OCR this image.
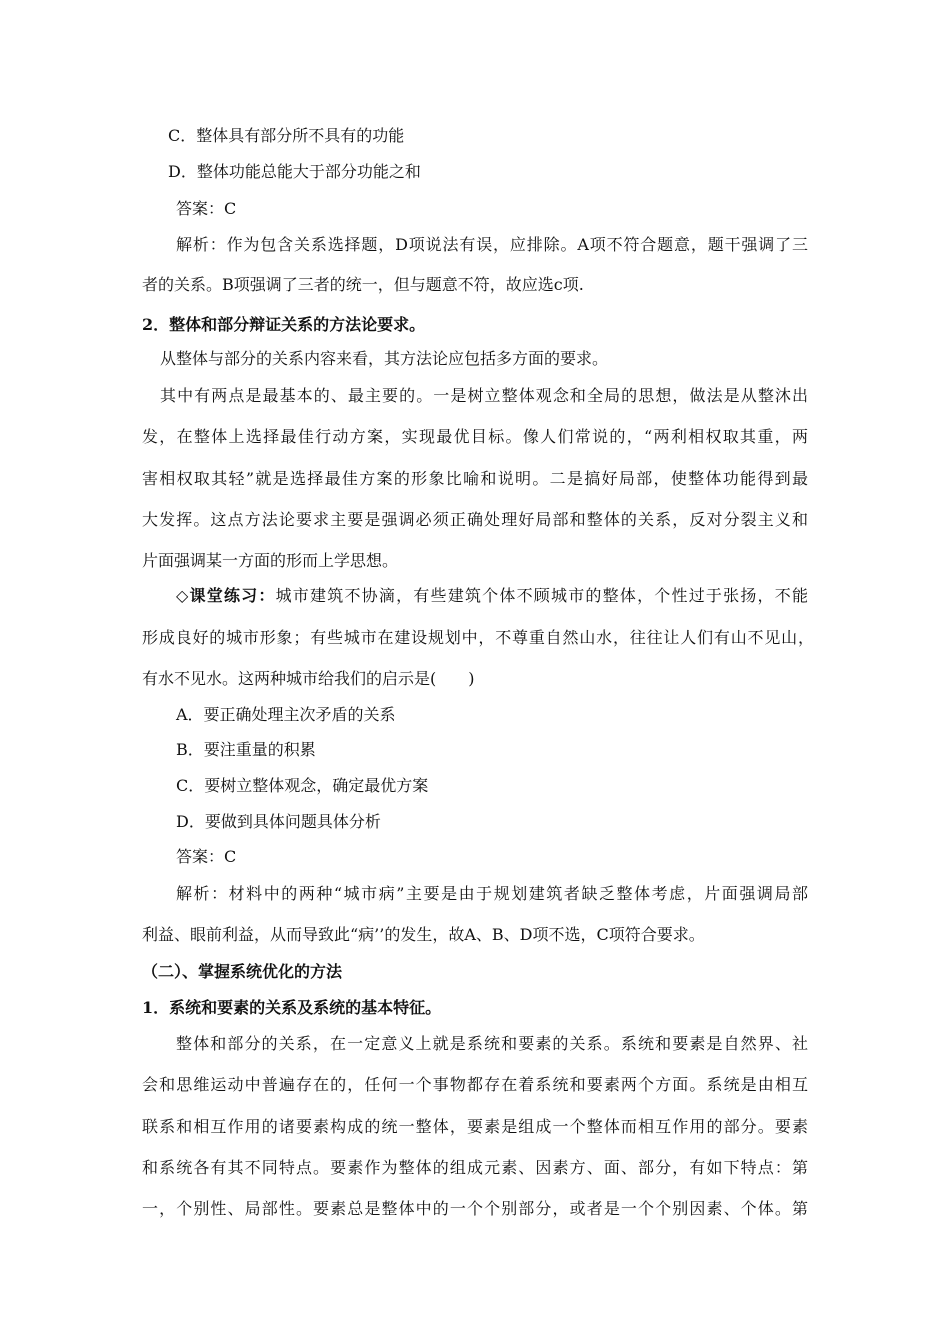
C．整体具有部分所不具有的功能
D．整体功能总能大于部分功能之和
答案：C
解析：作为包含关系选择题，D项说法有误，应排除。A项不符合题意，题干强调了三
者的关系。B项强调了三者的统一，但与题意不符，故应选c项.
2．整体和部分辩证关系的方法论要求。
从整体与部分的关系内容来看，其方法论应包括多方面的要求。
其中有两点是最基本的、最主要的。一是树立整体观念和全局的思想，做法是从整沐出
发，在整体上选择最佳行动方案，实现最优目标。像人们常说的，“两利相权取其重，两
害相权取其轻”就是选择最佳方案的形象比喻和说明。二是搞好局部，使整体功能得到最
大发挥。这点方法论要求主要是强调必须正确处理好局部和整体的关系，反对分裂主义和
片面强调某一方面的形而上学思想。
◇课堂练习：城市建筑不协滴，有些建筑个体不顾城市的整体，个性过于张扬，不能
形成良好的城市形象；有些城市在建设规划中，不尊重自然山水，往往让人们有山不见山，
有水不见水。这两种城市给我们的启示是(　　)
A．要正确处理主次矛盾的关系
B．要注重量的积累
C．要树立整体观念，确定最优方案
D．要做到具体问题具体分析
答案：C
解析：材料中的两种“城市病”主要是由于规划建筑者缺乏整体考虑，片面强调局部
利益、眼前利益，从而导致此“病’’的发生，故A、B、D项不选，C项符合要求。
（二）、掌握系统优化的方法
1．系统和要素的关系及系统的基本特征。
整体和部分的关系，在一定意义上就是系统和要素的关系。系统和要素是自然界、社
会和思维运动中普遍存在的，任何一个事物都存在着系统和要素两个方面。系统是由相互
联系和相互作用的诸要素构成的统一整体，要素是组成一个整体而相互作用的部分。要素
和系统各有其不同特点。要素作为整体的组成元素、因素方、面、部分，有如下特点：第
一，个别性、局部性。要素总是整体中的一个个别部分，或者是一个个别因素、个体。第
